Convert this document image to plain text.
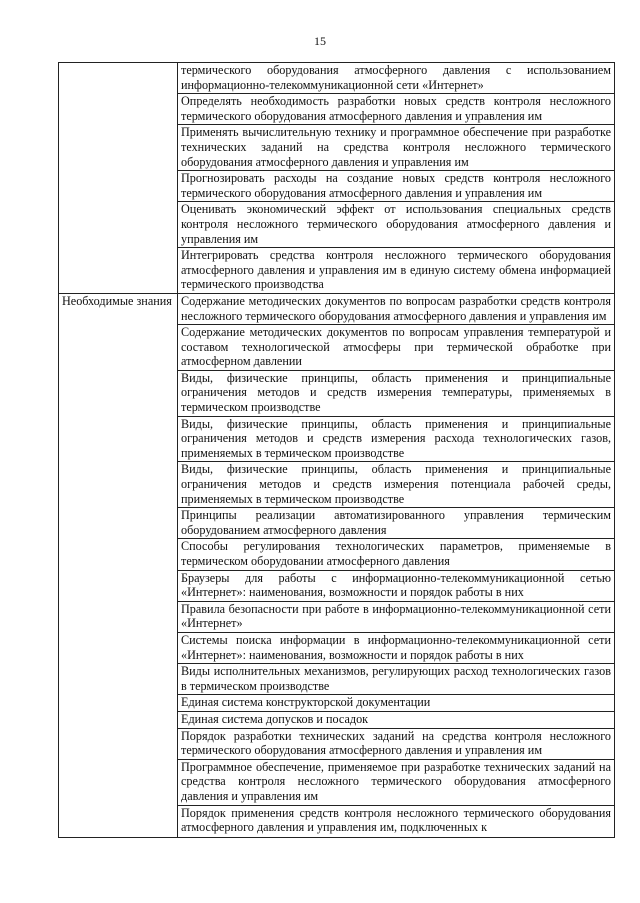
15
	термического оборудования атмосферного давления с использованием информационно-телекоммуникационной сети «Интернет»
	Определять необходимость разработки новых средств контроля несложного термического оборудования атмосферного давления и управления им
	Применять вычислительную технику и программное обеспечение при разработке технических заданий на средства контроля несложного термического оборудования атмосферного давления и управления им
	Прогнозировать расходы на создание новых средств контроля несложного термического оборудования атмосферного давления и управления им
	Оценивать экономический эффект от использования специальных средств контроля несложного термического оборудования атмосферного давления и управления им
	Интегрировать средства контроля несложного термического оборудования атмосферного давления и управления им в единую систему обмена информацией термического производства
Необходимые знания	Содержание методических документов по вопросам разработки средств контроля несложного термического оборудования атмосферного давления и управления им
	Содержание методических документов по вопросам управления температурой и составом технологической атмосферы при термической обработке при атмосферном давлении
	Виды, физические принципы, область применения и принципиальные ограничения методов и средств измерения температуры, применяемых в термическом производстве
	Виды, физические принципы, область применения и принципиальные ограничения методов и средств измерения расхода технологических газов, применяемых в термическом производстве
	Виды, физические принципы, область применения и принципиальные ограничения методов и средств измерения потенциала рабочей среды, применяемых в термическом производстве
	Принципы реализации автоматизированного управления термическим оборудованием атмосферного давления
	Способы регулирования технологических параметров, применяемые в термическом оборудовании атмосферного давления
	Браузеры для работы с информационно-телекоммуникационной сетью «Интернет»: наименования, возможности и порядок работы в них
	Правила безопасности при работе в информационно-телекоммуникационной сети «Интернет»
	Системы поиска информации в информационно-телекоммуникационной сети «Интернет»: наименования, возможности и порядок работы в них
	Виды исполнительных механизмов, регулирующих расход технологических газов в термическом производстве
	Единая система конструкторской документации
	Единая система допусков и посадок
	Порядок разработки технических заданий на средства контроля несложного термического оборудования атмосферного давления и управления им
	Программное обеспечение, применяемое при разработке технических заданий на средства контроля несложного термического оборудования атмосферного давления и управления им
	Порядок применения средств контроля несложного термического оборудования атмосферного давления и управления им, подключенных к
